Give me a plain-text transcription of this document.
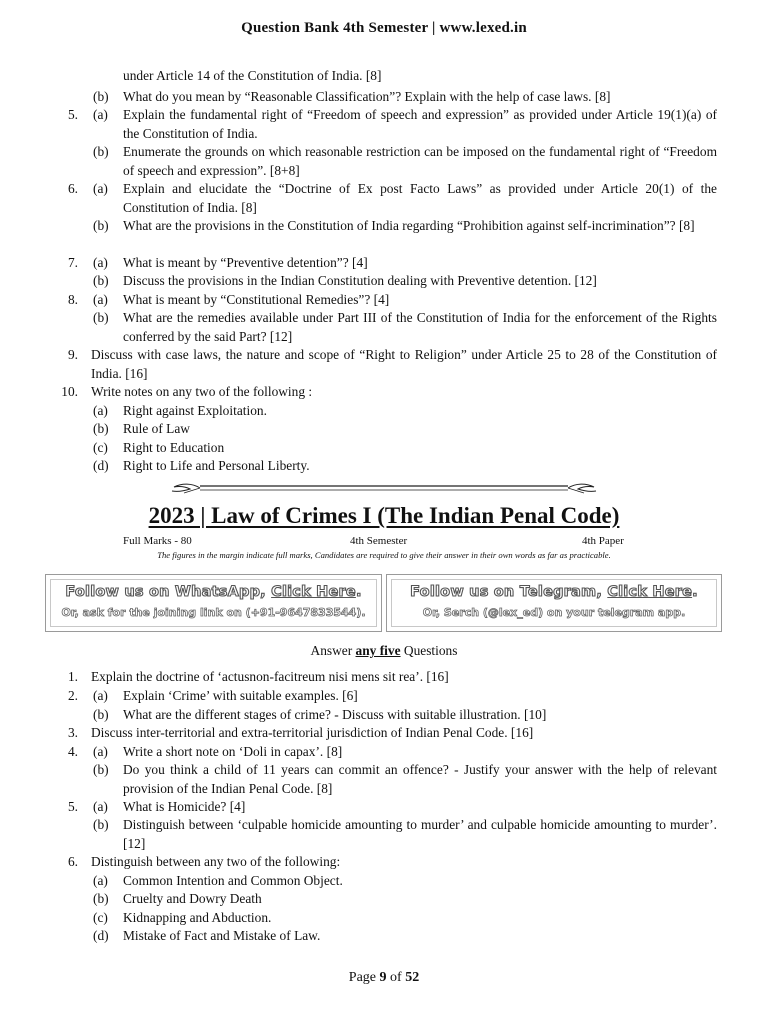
Question Bank 4th Semester | www.lexed.in
under Article 14 of the Constitution of India. [8]
(b) What do you mean by “Reasonable Classification”? Explain with the help of case laws. [8]
5. (a) Explain the fundamental right of “Freedom of speech and expression” as provided under Article 19(1)(a) of the Constitution of India.
(b) Enumerate the grounds on which reasonable restriction can be imposed on the fundamental right of “Freedom of speech and expression”. [8+8]
6. (a) Explain and elucidate the “Doctrine of Ex post Facto Laws” as provided under Article 20(1) of the Constitution of India. [8]
(b) What are the provisions in the Constitution of India regarding “Prohibition against self-incrimination”? [8]
7. (a) What is meant by “Preventive detention”? [4]
(b) Discuss the provisions in the Indian Constitution dealing with Preventive detention. [12]
8. (a) What is meant by “Constitutional Remedies”? [4]
(b) What are the remedies available under Part III of the Constitution of India for the enforcement of the Rights conferred by the said Part? [12]
9. Discuss with case laws, the nature and scope of “Right to Religion” under Article 25 to 28 of the Constitution of India. [16]
10. Write notes on any two of the following :
(a) Right against Exploitation.
(b) Rule of Law
(c) Right to Education
(d) Right to Life and Personal Liberty.
2023 | Law of Crimes I (The Indian Penal Code)
Full Marks - 80	4th Semester	4th Paper
The figures in the margin indicate full marks, Candidates are required to give their answer in their own words as far as practicable.
Follow us on WhatsApp, Click Here.
Or, ask for the joining link on (+91-9647833544).
Follow us on Telegram, Click Here.
Or, Serch (@lex_ed) on your telegram app.
Answer any five Questions
1. Explain the doctrine of ‘actusnon-facitreum nisi mens sit rea’. [16]
2. (a) Explain ‘Crime’ with suitable examples. [6]
(b) What are the different stages of crime? - Discuss with suitable illustration. [10]
3. Discuss inter-territorial and extra-territorial jurisdiction of Indian Penal Code. [16]
4. (a) Write a short note on ‘Doli in capax’. [8]
(b) Do you think a child of 11 years can commit an offence? - Justify your answer with the help of relevant provision of the Indian Penal Code. [8]
5. (a) What is Homicide? [4]
(b) Distinguish between ‘culpable homicide amounting to murder’ and culpable homicide amounting to murder’. [12]
6. Distinguish between any two of the following:
(a) Common Intention and Common Object.
(b) Cruelty and Dowry Death
(c) Kidnapping and Abduction.
(d) Mistake of Fact and Mistake of Law.
Page 9 of 52
